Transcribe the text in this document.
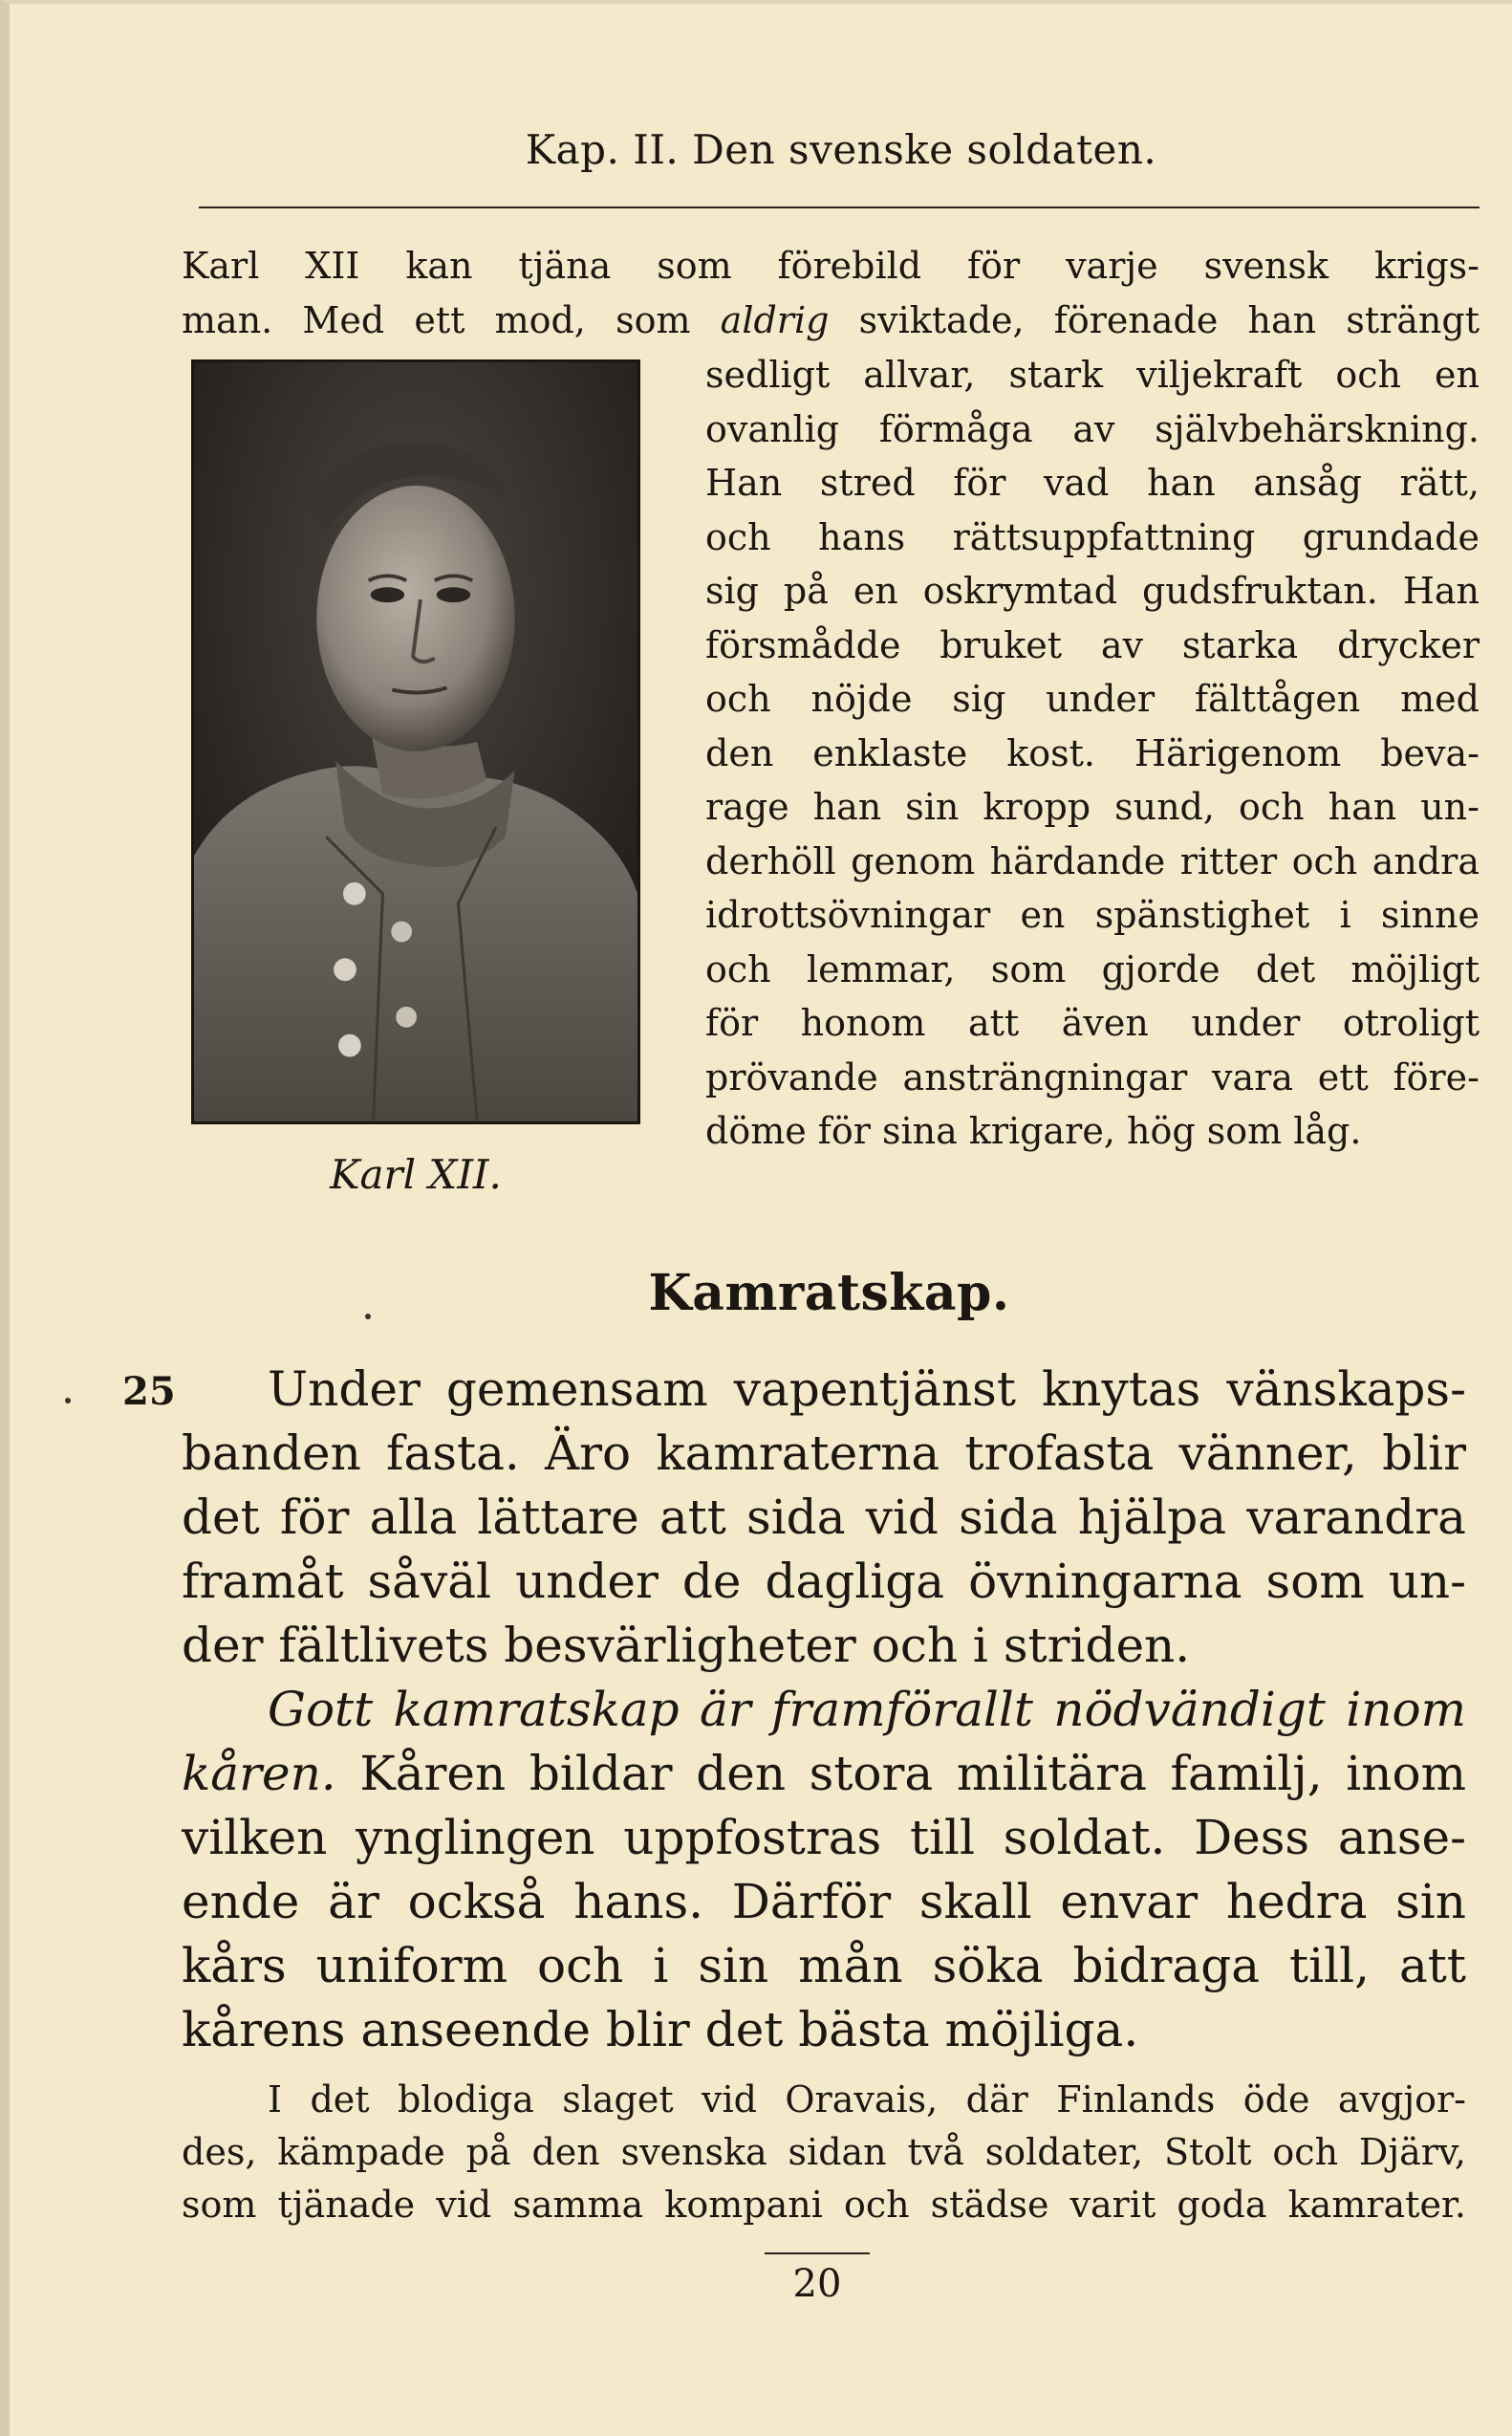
Kap. II. Den svenske soldaten.
Karl XII kan tjäna som förebild för varje svensk krigs-
man. Med ett mod, som aldrig sviktade, förenade han strängt
Karl XII.
sedligt allvar, stark viljekraft och en
ovanlig förmåga av självbehärskning.
Han stred för vad han ansåg rätt,
och hans rättsuppfattning grundade
sig på en oskrymtad gudsfruktan. Han
försmådde bruket av starka drycker
och nöjde sig under fälttågen med
den enklaste kost. Härigenom beva-
rage han sin kropp sund, och han un-
derhöll genom härdande ritter och andra
idrottsövningar en spänstighet i sinne
och lemmar, som gjorde det möjligt
för honom att även under otroligt
prövande ansträngningar vara ett före-
döme för sina krigare, hög som låg.
Kamratskap.
25	Under gemensam vapentjänst knytas vänskaps-
banden fasta. Äro kamraterna trofasta vänner, blir
det för alla lättare att sida vid sida hjälpa varandra
framåt såväl under de dagliga övningarna som un-
der fältlivets besvärligheter och i striden.
Gott kamratskap är framförallt nödvändigt inom
kåren. Kåren bildar den stora militära familj, inom
vilken ynglingen uppfostras till soldat. Dess anse-
ende är också hans. Därför skall envar hedra sin
kårs uniform och i sin mån söka bidraga till, att
kårens anseende blir det bästa möjliga.
I det blodiga slaget vid Oravais, där Finlands öde avgjor-
des, kämpade på den svenska sidan två soldater, Stolt och Djärv,
som tjänade vid samma kompani och städse varit goda kamrater.
20
